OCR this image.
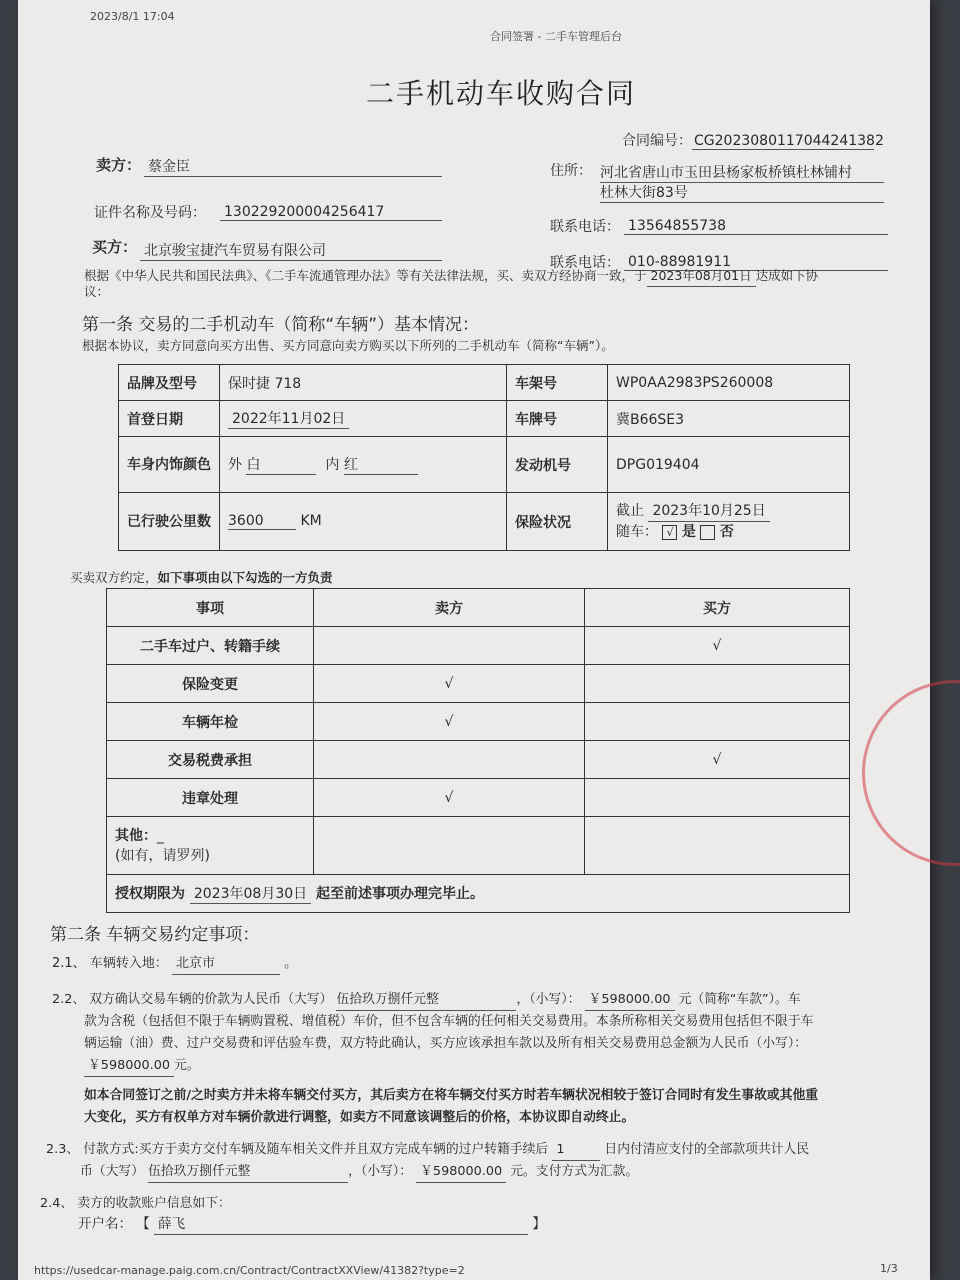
2023/8/1 17:04
合同签署 - 二手车管理后台
二手机动车收购合同
合同编号： CG2023080117044241382
卖方： 蔡金臣	住所： 河北省唐山市玉田县杨家板桥镇杜林铺村
杜林大街83号
证件名称及号码： 130229200004256417
联系电话： 13564855738
买方： 北京骏宝捷汽车贸易有限公司
联系电话： 010-88981911
根据《中华人民共和国民法典》、《二手车流通管理办法》等有关法律法规，买、卖双方经协商一致，于 2023年08月01日 达成如下协
议：
第一条 交易的二手机动车（简称“车辆”）基本情况：
根据本协议，卖方同意向买方出售、买方同意向卖方购买以下所列的二手机动车（简称“车辆”）。
品牌及型号	保时捷 718	车架号	WP0AA2983PS260008
首登日期	2022年11月02日	车牌号	冀B66SE3
车身内饰颜色	外 白 内 红	发动机号	DPG019404
已行驶公里数	3600 KM	保险状况	截止 2023年10月25日
随车： √ 是 否
买卖双方约定，如下事项由以下勾选的一方负责
事项	卖方	买方
二手车过户、转籍手续		√
保险变更	√	
车辆年检	√	
交易税费承担		√
违章处理	√	
其他：_
(如有，请罗列)		
授权期限为 2023年08月30日 起至前述事项办理完毕止。		
第二条 车辆交易约定事项：
2.1、 车辆转入地： 北京市	。
2.2、 双方确认交易车辆的价款为人民币（大写） 伍拾玖万捌仟元整	，（小写）： ￥598000.00 元（简称“车款”）。车
款为含税（包括但不限于车辆购置税、增值税）车价，但不包含车辆的任何相关交易费用。本条所称相关交易费用包括但不限于车
辆运输（油）费、过户交易费和评估验车费，双方特此确认，买方应该承担车款以及所有相关交易费用总金额为人民币（小写）：
￥598000.00 元。
如本合同签订之前/之时卖方并未将车辆交付买方，其后卖方在将车辆交付买方时若车辆状况相较于签订合同时有发生事故或其他重
大变化，买方有权单方对车辆价款进行调整，如卖方不同意该调整后的价格，本协议即自动终止。
2.3、 付款方式:买方于卖方交付车辆及随车相关文件并且双方完成车辆的过户转籍手续后 1	日内付清应支付的全部款项共计人民
币（大写） 伍拾玖万捌仟元整	，（小写）： ￥598000.00 元。支付方式为汇款。
2.4、 卖方的收款账户信息如下：
开户名： 【 薛飞	】
https://usedcar-manage.paig.com.cn/Contract/ContractXXView/41382?type=2	1/3
